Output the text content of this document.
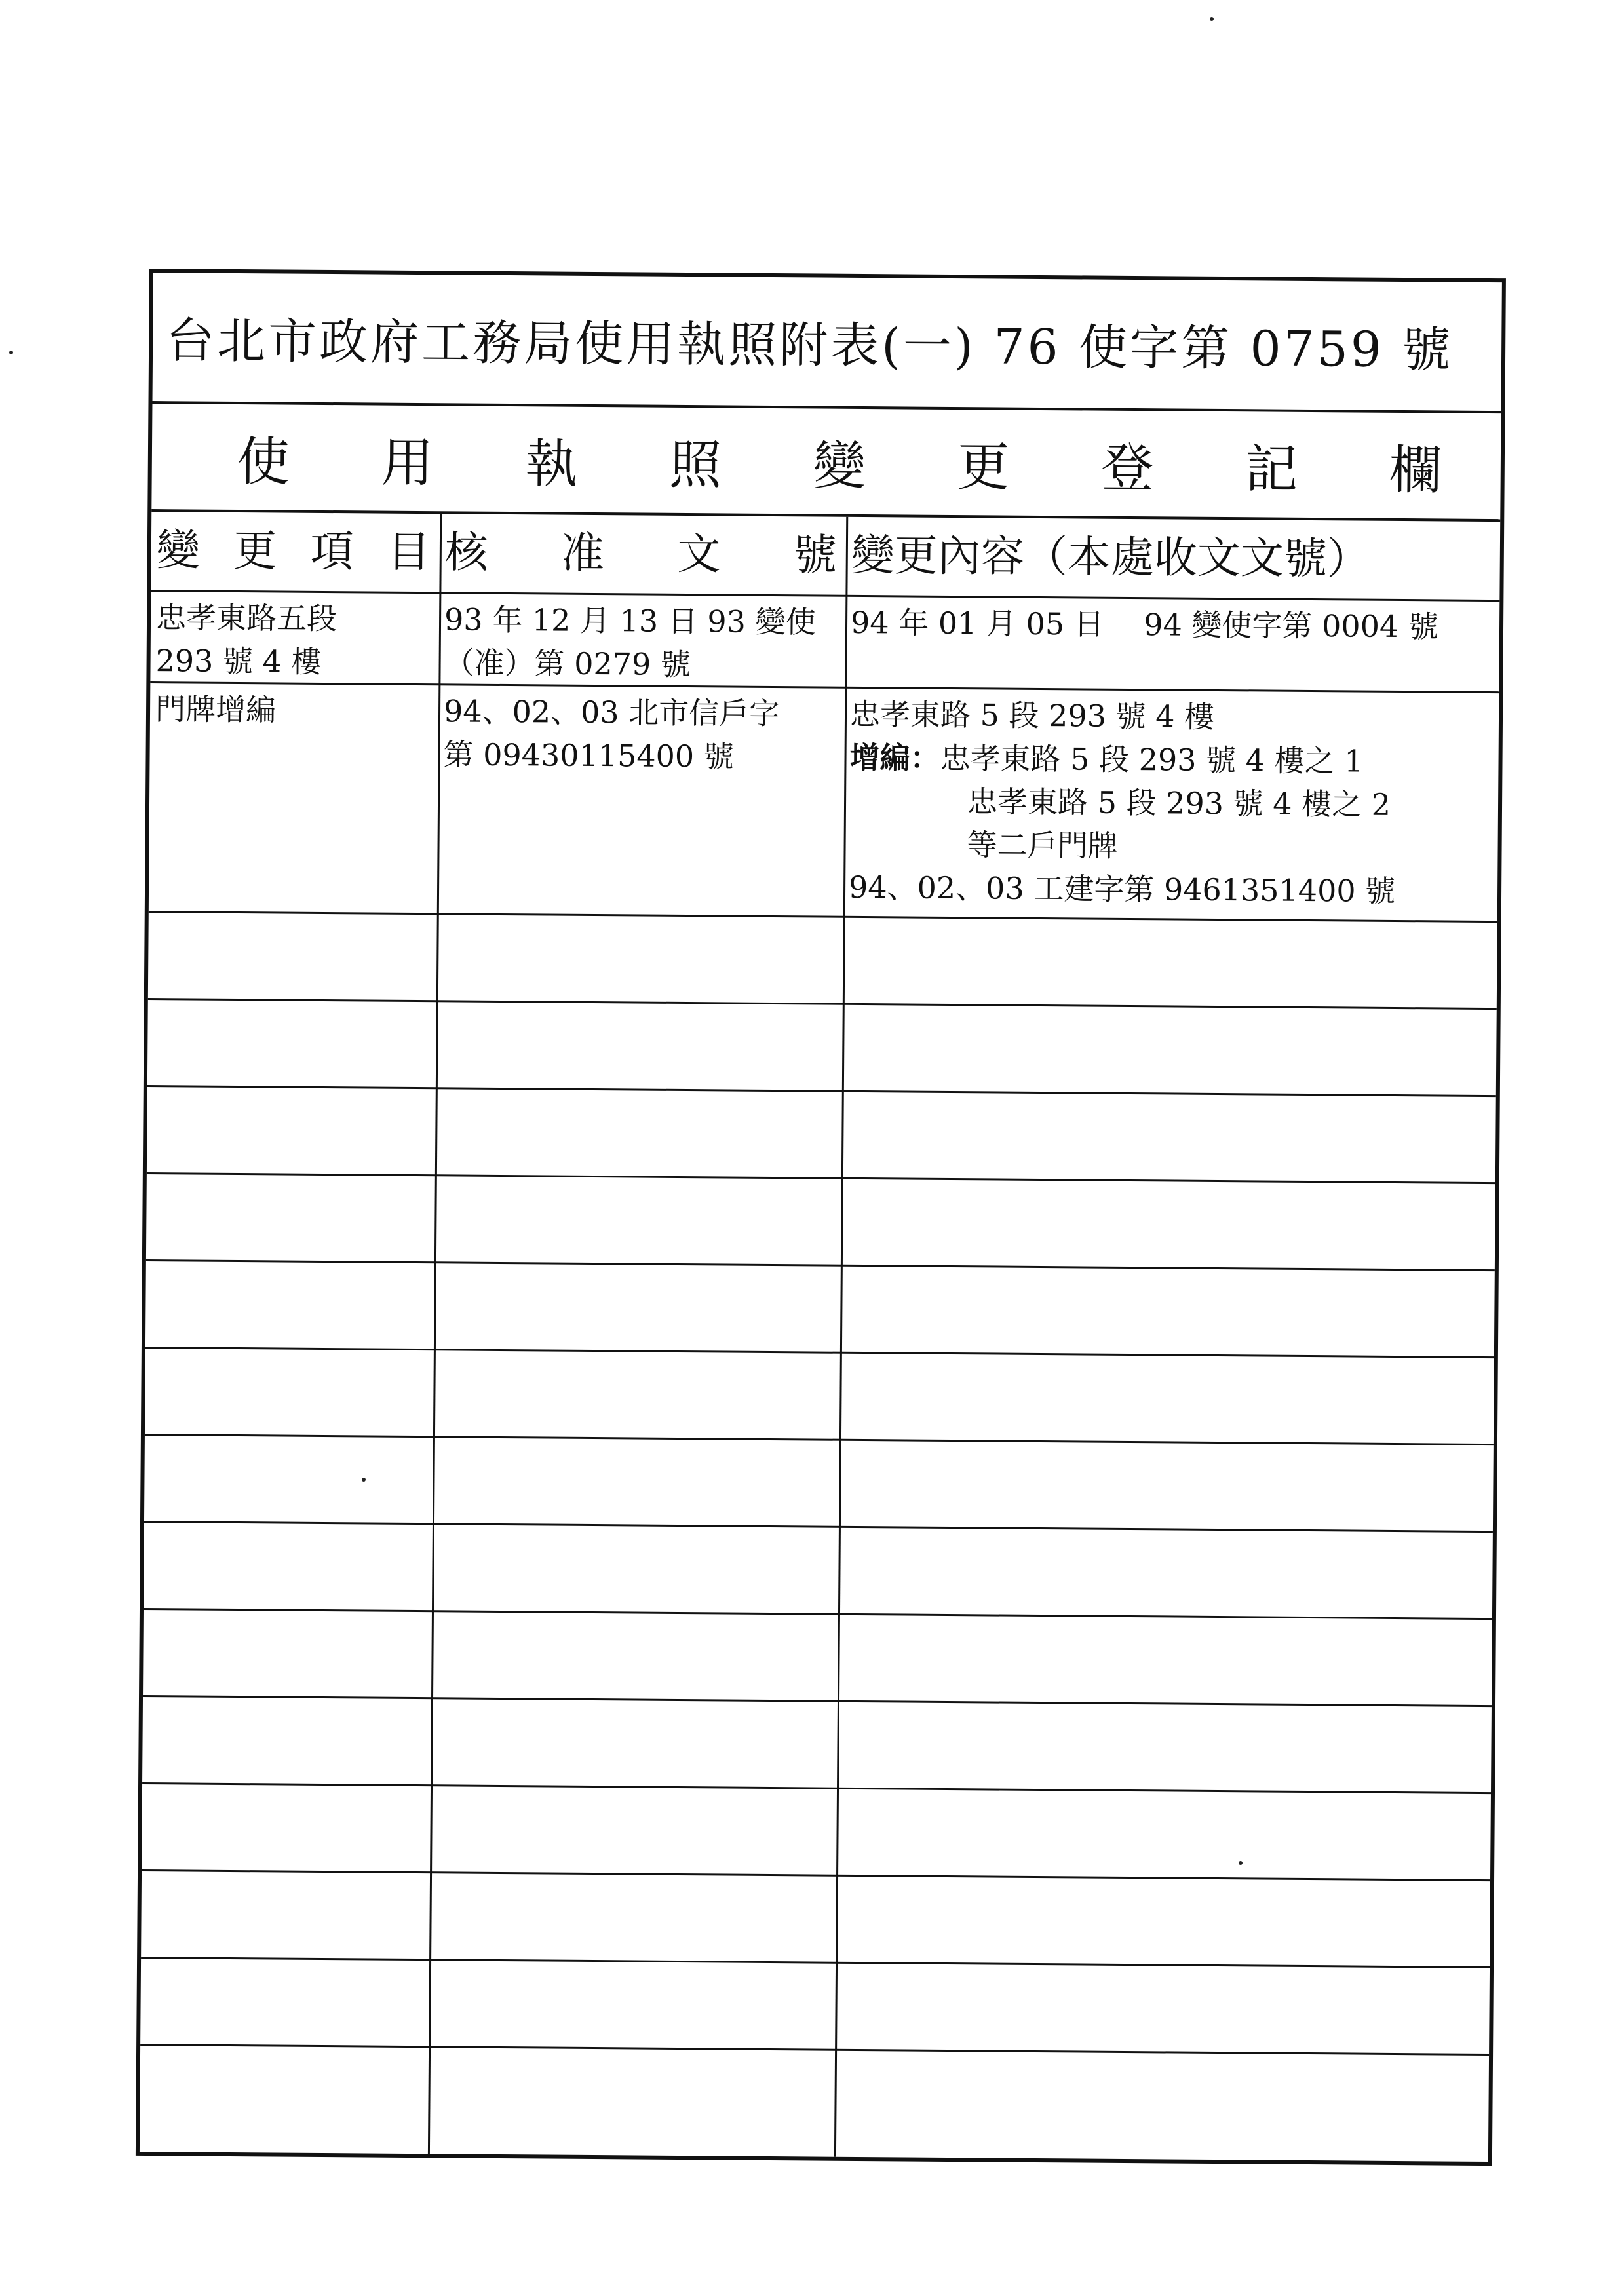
台北市政府工務局使用執照附表(一) 76 使字第 0759 號
使 用 執 照 變 更 登 記 欄
變 更 項 目 核 准 文 號 變更內容（本處收文文號）
忠孝東路五段
293 號 4 樓
93 年 12 月 13 日 93 變使
（准）第 0279 號
94 年 01 月 05 日　 94 變使字第 0004 號
門牌增編	94、02、03 北市信戶字
第 09430115400 號
忠孝東路 5 段 293 號 4 樓
增編：忠孝東路 5 段 293 號 4 樓之 1
忠孝東路 5 段 293 號 4 樓之 2
等二戶門牌
94、02、03 工建字第 9461351400 號
